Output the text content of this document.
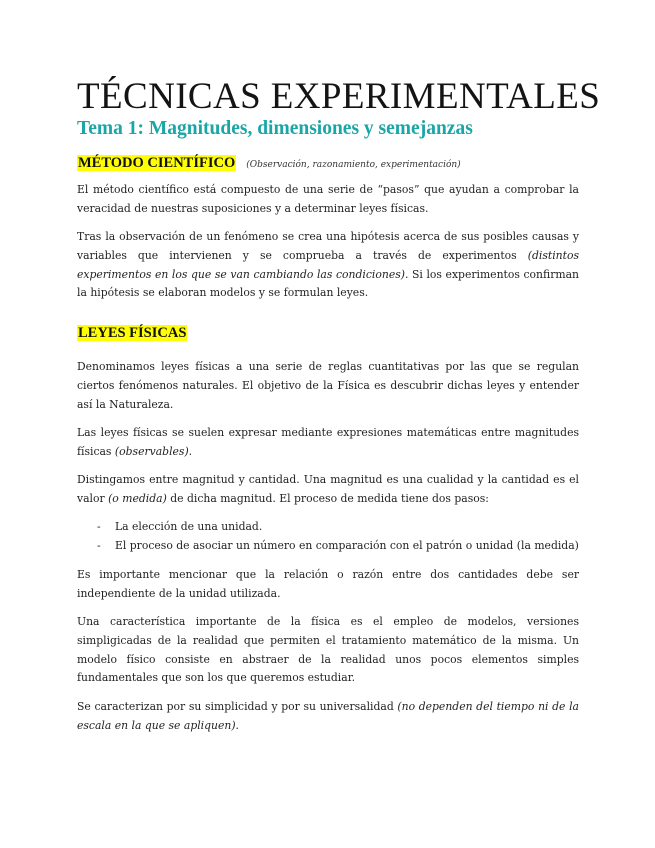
TÉCNICAS EXPERIMENTALES
Tema 1: Magnitudes, dimensiones y semejanzas
MÉTODO CIENTÍFICO (Observación, razonamiento, experimentación)

El método científico está compuesto de una serie de “pasos” que ayudan a comprobar la veracidad de nuestras suposiciones y a determinar leyes físicas.

Tras la observación de un fenómeno se crea una hipótesis acerca de sus posibles causas y variables que intervienen y se comprueba a través de experimentos (distintos experimentos en los que se van cambiando las condiciones). Si los experimentos confirman la hipótesis se elaboran modelos y se formulan leyes.

LEYES FÍSICAS

Denominamos leyes físicas a una serie de reglas cuantitativas por las que se regulan ciertos fenómenos naturales. El objetivo de la Física es descubrir dichas leyes y entender así la Naturaleza.

Las leyes físicas se suelen expresar mediante expresiones matemáticas entre magnitudes físicas (observables).

Distingamos entre magnitud y cantidad. Una magnitud es una cualidad y la cantidad es el valor (o medida) de dicha magnitud. El proceso de medida tiene dos pasos:

- La elección de una unidad.
- El proceso de asociar un número en comparación con el patrón o unidad (la medida)

Es importante mencionar que la relación o razón entre dos cantidades debe ser independiente de la unidad utilizada.

Una característica importante de la física es el empleo de modelos, versiones simpligicadas de la realidad que permiten el tratamiento matemático de la misma. Un modelo físico consiste en abstraer de la realidad unos pocos elementos simples fundamentales que son los que queremos estudiar.

Se caracterizan por su simplicidad y por su universalidad (no dependen del tiempo ni de la escala en la que se apliquen).
